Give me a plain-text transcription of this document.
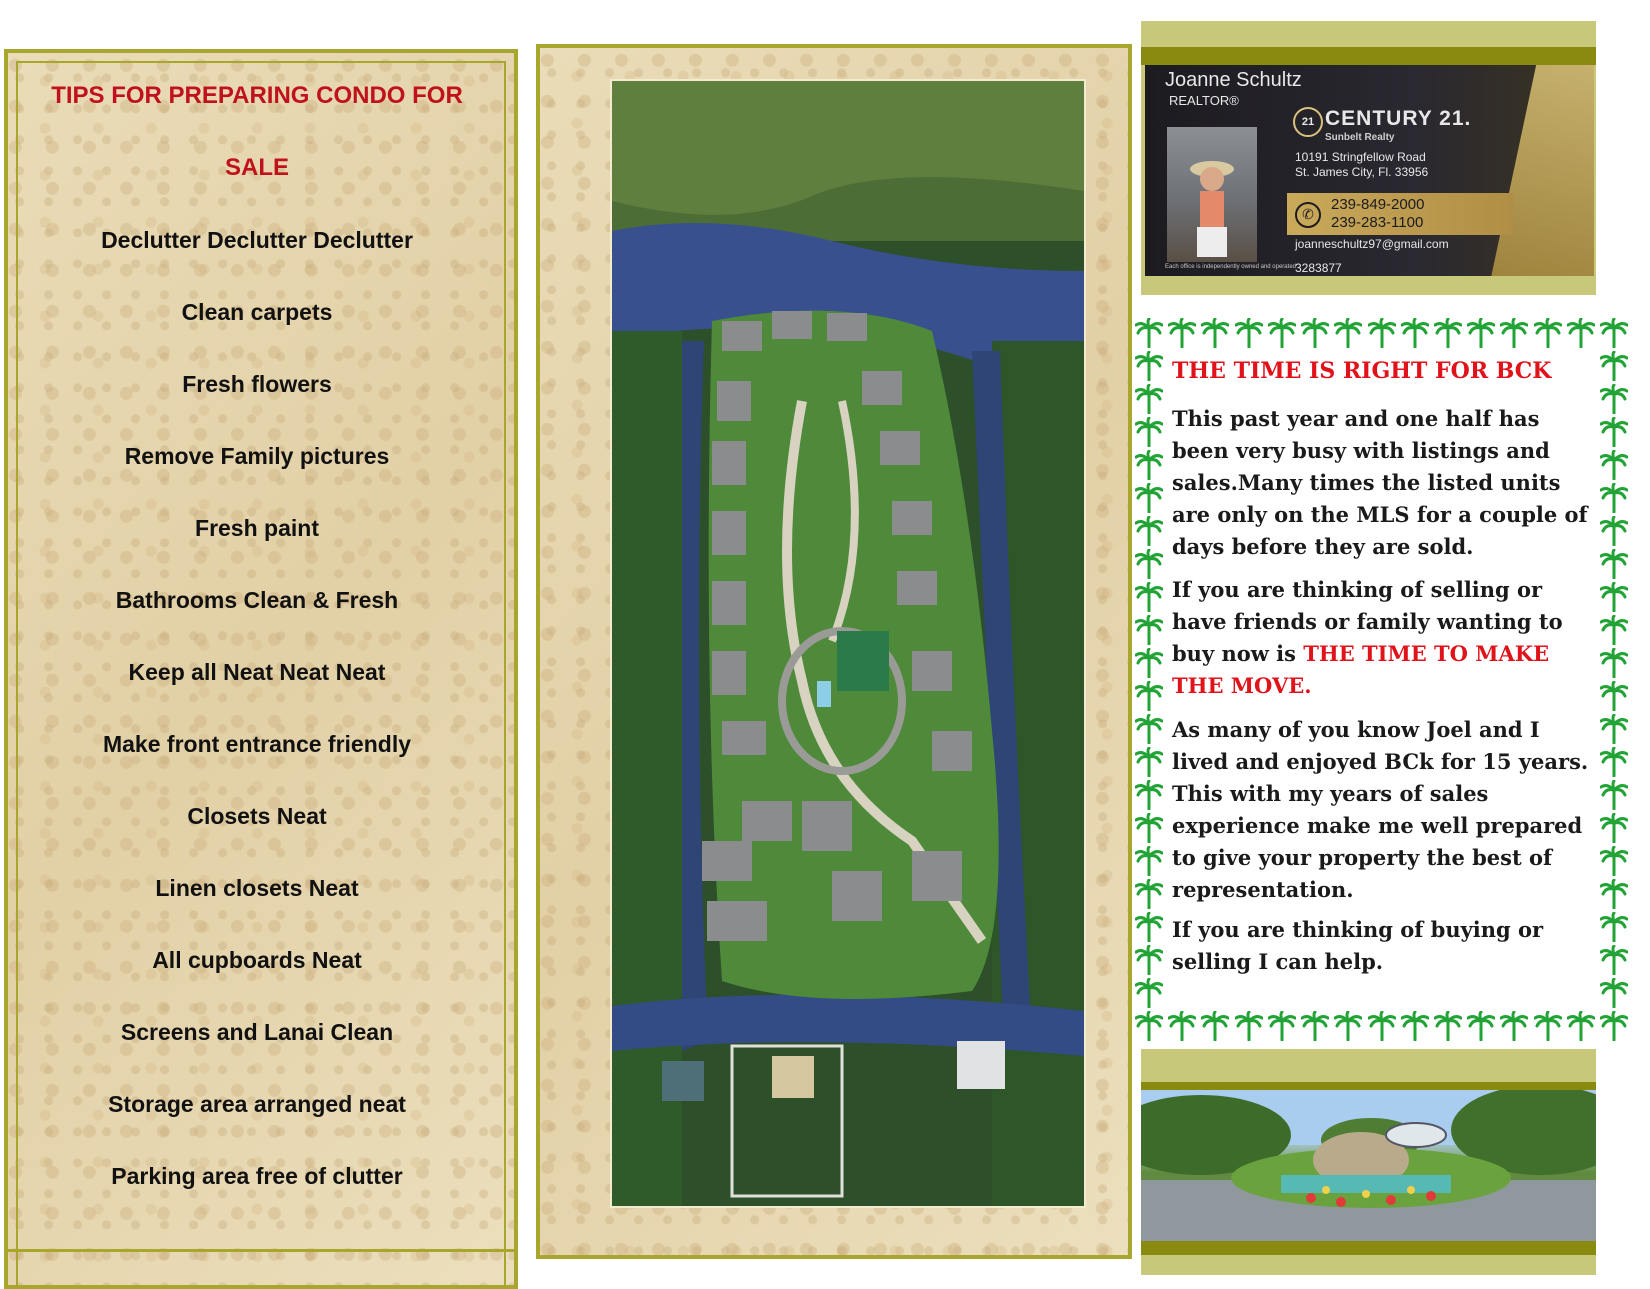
TIPS FOR PREPARING CONDO FOR
SALE
Declutter Declutter Declutter
Clean carpets
Fresh flowers
Remove Family pictures
Fresh paint
Bathrooms Clean & Fresh
Keep all Neat Neat Neat
Make front entrance friendly
Closets Neat
Linen closets Neat
All cupboards Neat
Screens and Lanai Clean
Storage area arranged neat
Parking area free of clutter
Joanne Schultz
REALTOR®
21 CENTURY 21.
Sunbelt Realty
10191 Stringfellow Road
St. James City, Fl. 33956
✆
239-849-2000
239-283-1100
joanneschultz97@gmail.com
3283877
Each office is independently owned and operated
THE TIME IS RIGHT FOR BCK
This past year and one half has been very busy with listings and sales.Many times the listed units are only on the MLS for a couple of days before they are sold.
If you are thinking of selling or have friends or family wanting to buy now is THE TIME TO MAKE THE MOVE.
As many of you know Joel and I lived and enjoyed BCk for 15 years. This with my years of sales experience make me well prepared to give your property the best of representation.
If you are thinking of buying or selling I can help.
